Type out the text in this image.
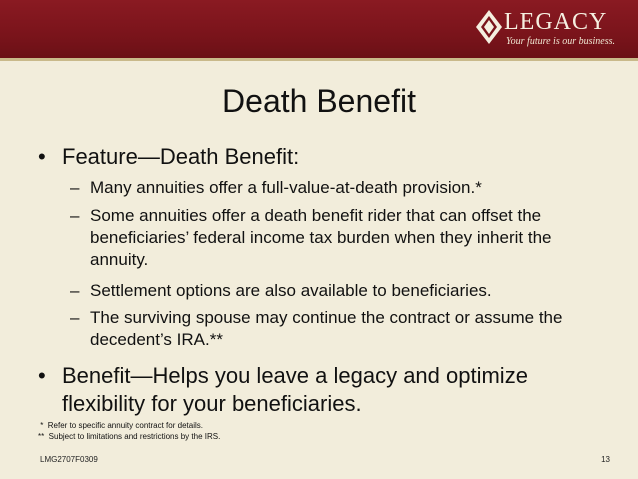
LEGACY
Your future is our business.
Death Benefit
• Feature—Death Benefit:
– Many annuities offer a full-value-at-death provision.*
– Some annuities offer a death benefit rider that can offset the beneficiaries’ federal income tax burden when they inherit the annuity.
– Settlement options are also available to beneficiaries.
– The surviving spouse may continue the contract or assume the decedent’s IRA.**
• Benefit—Helps you leave a legacy and optimize flexibility for your beneficiaries.
*  Refer to specific annuity contract for details.
**  Subject to limitations and restrictions by the IRS.
LMG2707F0309	13
